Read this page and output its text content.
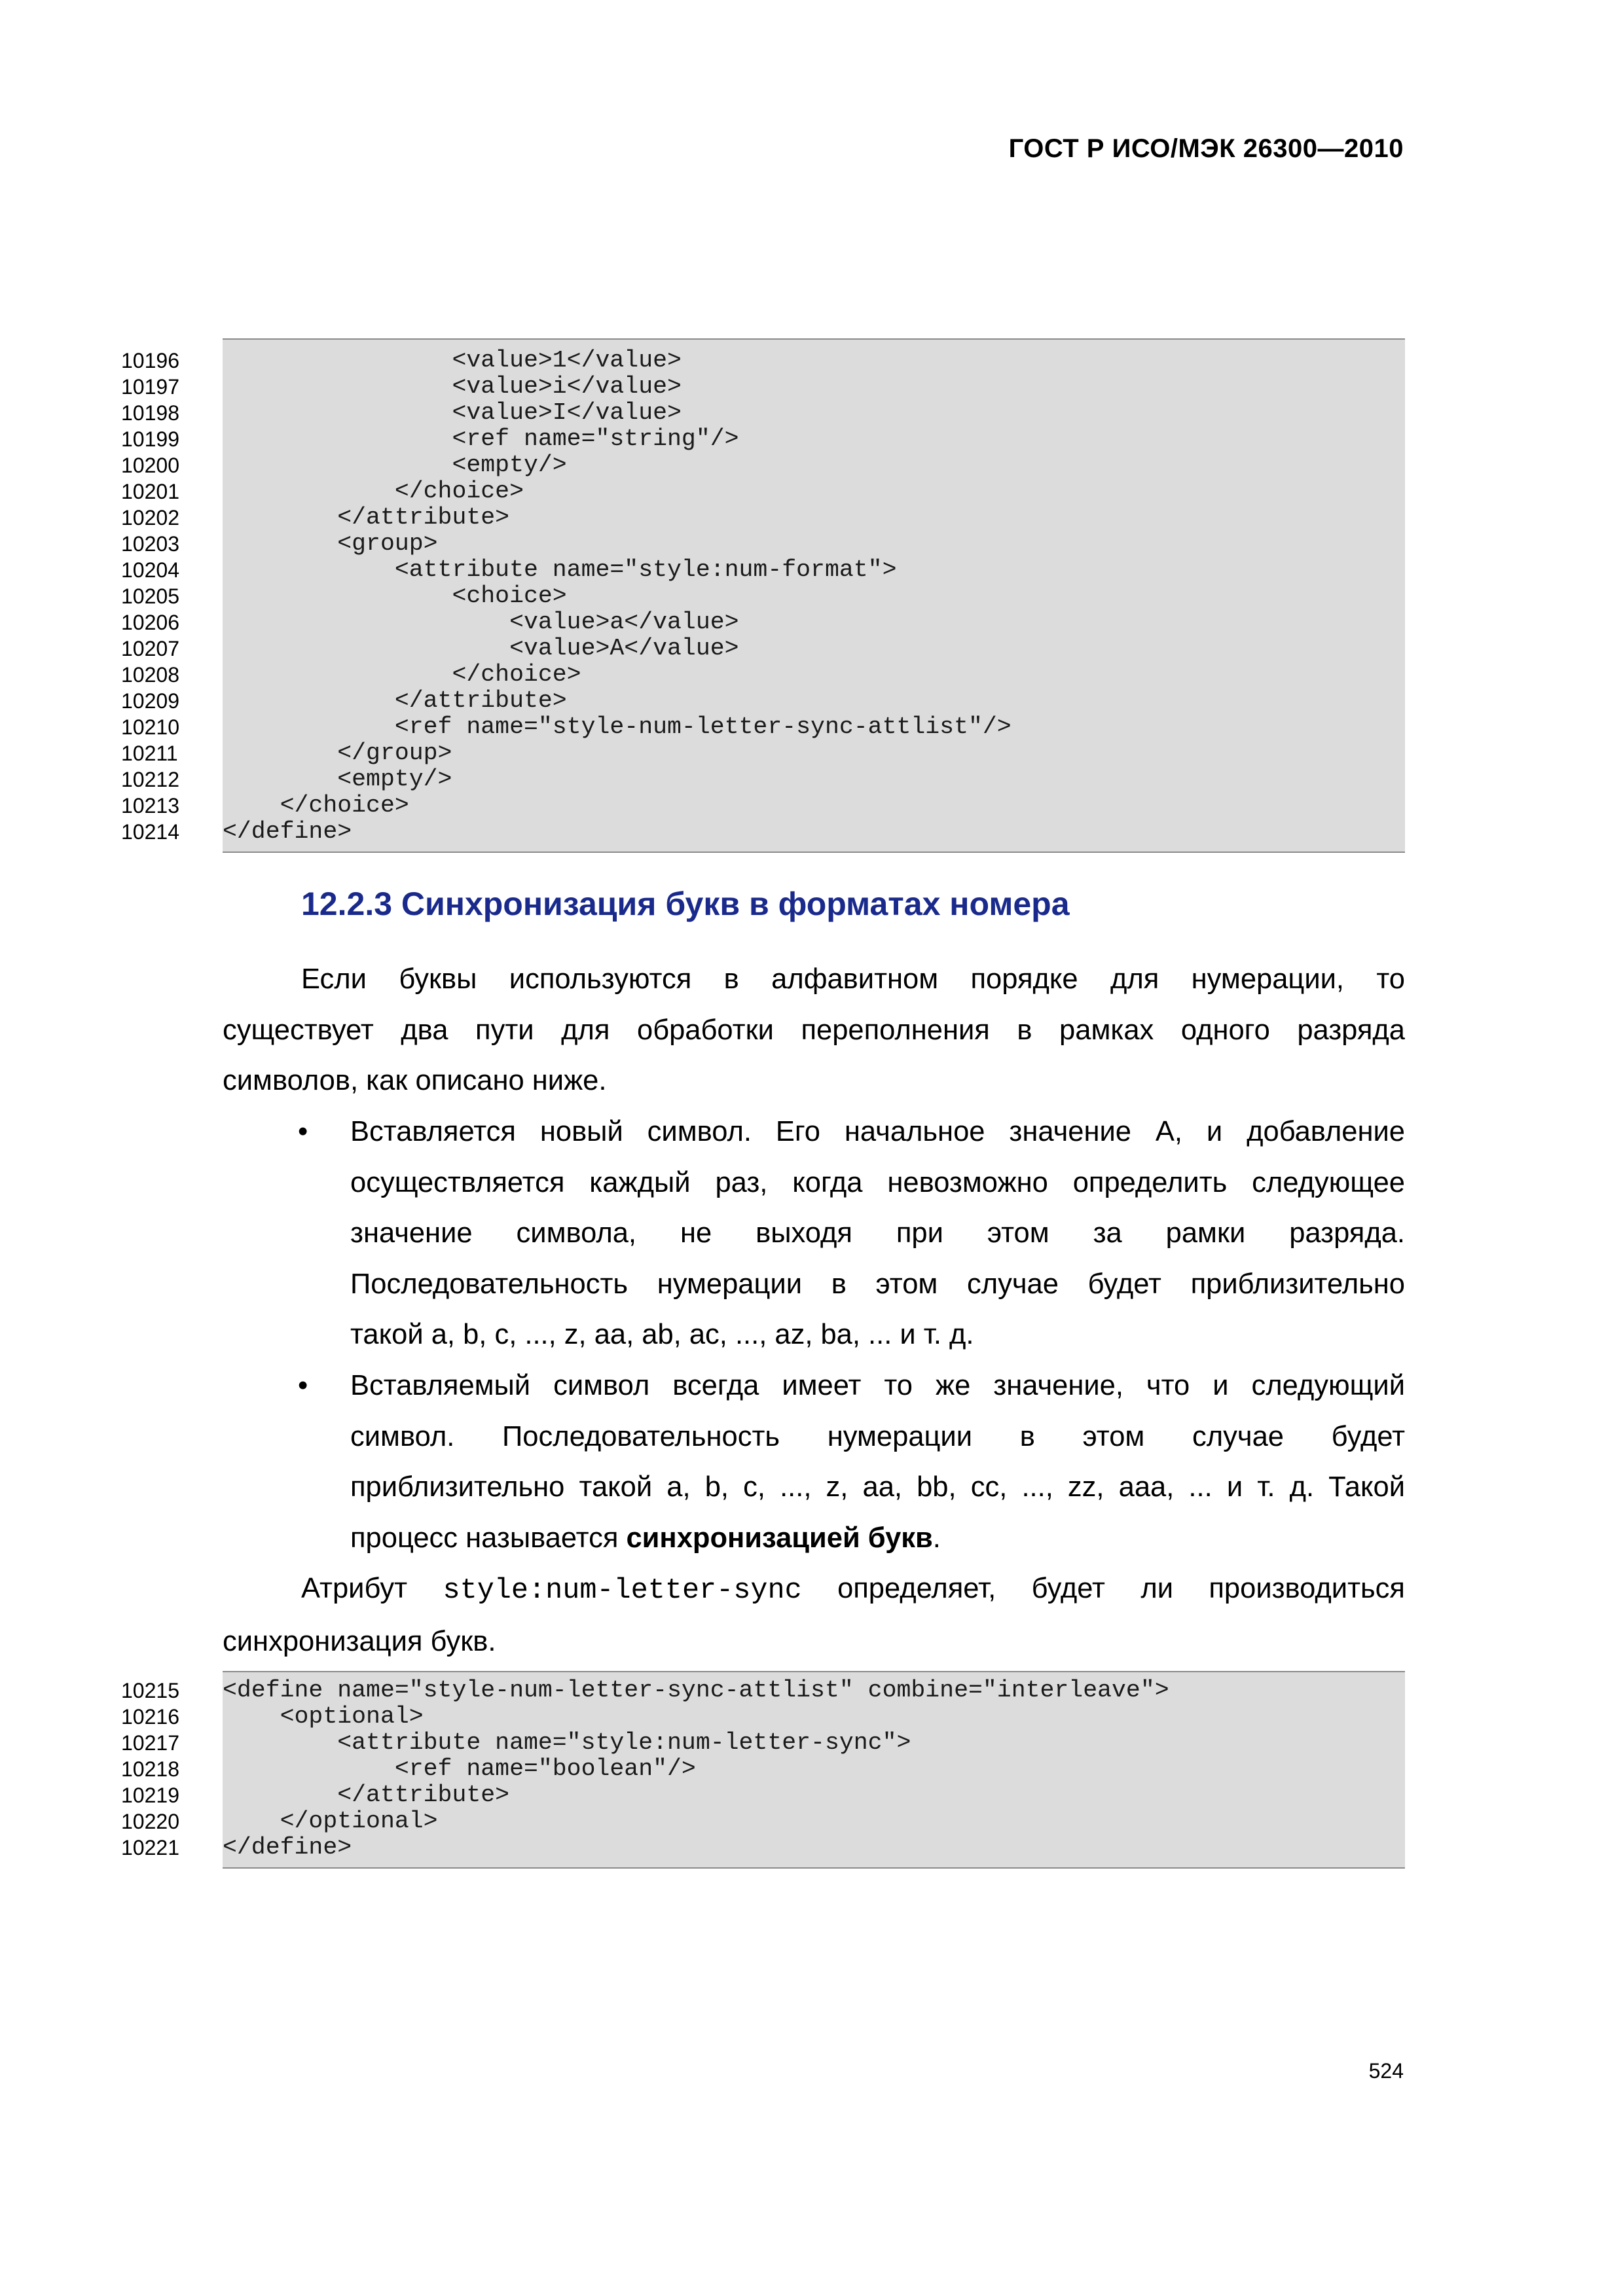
ГОСТ Р ИСО/МЭК 26300—2010
10196	<value>1</value>
10197	<value>i</value>
10198	<value>I</value>
10199	<ref name="string"/>
10200	<empty/>
10201	</choice>
10202	</attribute>
10203	<group>
10204	<attribute name="style:num-format">
10205	<choice>
10206	<value>a</value>
10207	<value>A</value>
10208	</choice>
10209	</attribute>
10210	<ref name="style-num-letter-sync-attlist"/>
10211	</group>
10212	<empty/>
10213	</choice>
10214	</define>
12.2.3 Синхронизация букв в форматах номера
Если буквы используются в алфавитном порядке для нумерации, то
существует два пути для обработки переполнения в рамках одного разряда
символов, как описано ниже.
• Вставляется новый символ. Его начальное значение А, и добавление
осуществляется каждый раз, когда невозможно определить следующее
значение символа, не выходя при этом за рамки разряда.
Последовательность нумерации в этом случае будет приблизительно
такой a, b, c, ..., z, aa, ab, ac, ..., az, ba, ... и т. д.
• Вставляемый символ всегда имеет то же значение, что и следующий
символ. Последовательность нумерации в этом случае будет
приблизительно такой a, b, c, ..., z, aa, bb, cc, ..., zz, aaa, ... и т. д. Такой
процесс называется синхронизацией букв.
Атрибут style:num-letter-sync определяет, будет ли производиться
синхронизация букв.
10215	<define name="style-num-letter-sync-attlist" combine="interleave">
10216	<optional>
10217	<attribute name="style:num-letter-sync">
10218	<ref name="boolean"/>
10219	</attribute>
10220	</optional>
10221	</define>
524
